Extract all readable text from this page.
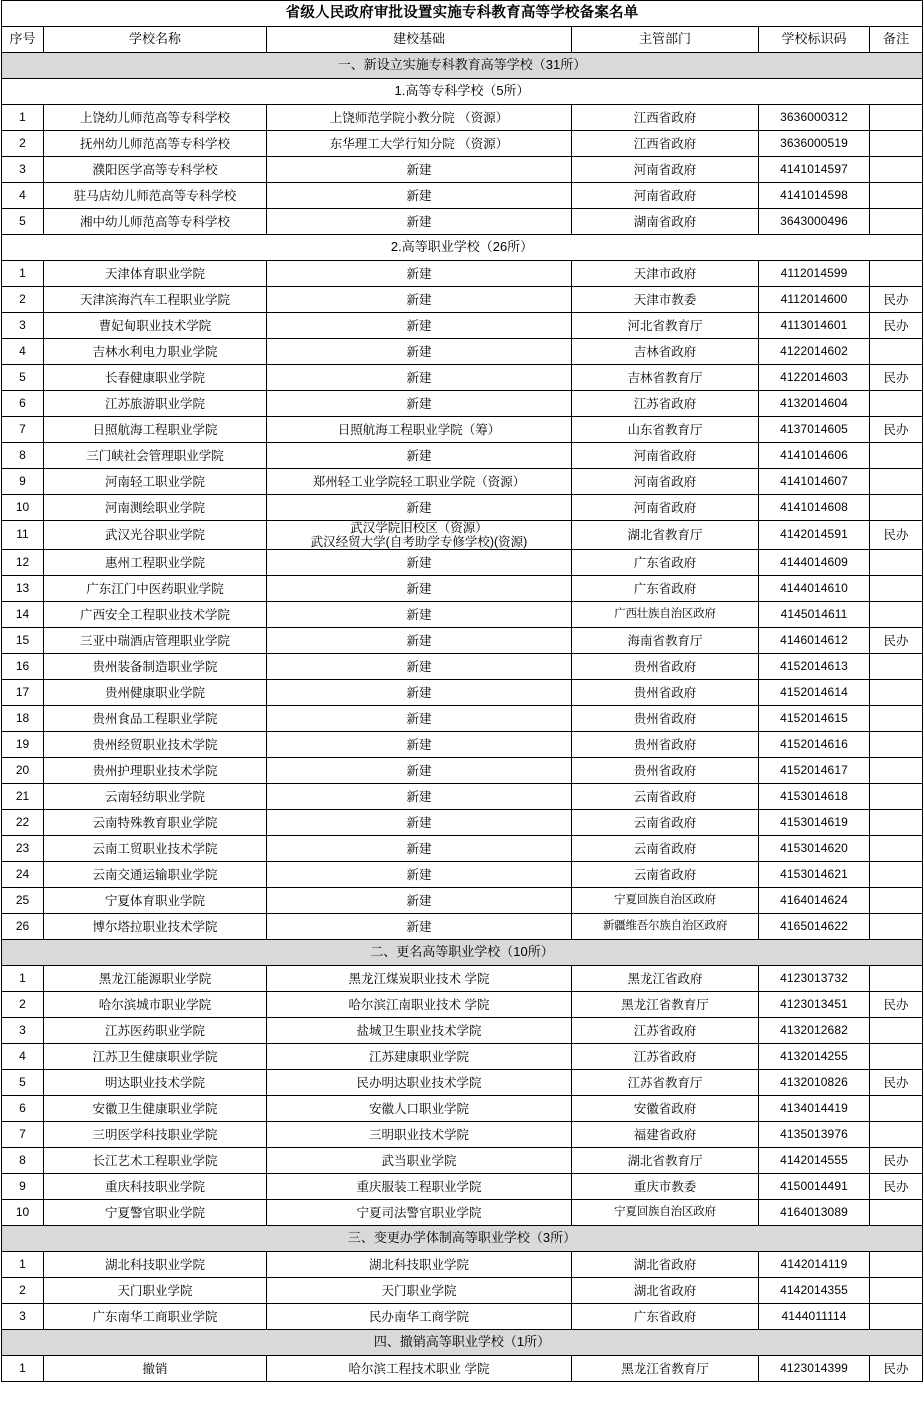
省级人民政府审批设置实施专科教育高等学校备案名单					
序号	学校名称	建校基础	主管部门	学校标识码	备注
一、新设立实施专科教育高等学校（31所）					
1.高等专科学校（5所）					
1	上饶幼儿师范高等专科学校	上饶师范学院小教分院 （资源）	江西省政府	3636000312	
2	抚州幼儿师范高等专科学校	东华理工大学行知分院 （资源）	江西省政府	3636000519	
3	濮阳医学高等专科学校	新建	河南省政府	4141014597	
4	驻马店幼儿师范高等专科学校	新建	河南省政府	4141014598	
5	湘中幼儿师范高等专科学校	新建	湖南省政府	3643000496	
2.高等职业学校（26所）					
1	天津体育职业学院	新建	天津市政府	4112014599	
2	天津滨海汽车工程职业学院	新建	天津市教委	4112014600	民办
3	曹妃甸职业技术学院	新建	河北省教育厅	4113014601	民办
4	吉林水利电力职业学院	新建	吉林省政府	4122014602	
5	长春健康职业学院	新建	吉林省教育厅	4122014603	民办
6	江苏旅游职业学院	新建	江苏省政府	4132014604	
7	日照航海工程职业学院	日照航海工程职业学院（筹）	山东省教育厅	4137014605	民办
8	三门峡社会管理职业学院	新建	河南省政府	4141014606	
9	河南轻工职业学院	郑州轻工业学院轻工职业学院（资源）	河南省政府	4141014607	
10	河南测绘职业学院	新建	河南省政府	4141014608	
11	武汉光谷职业学院	武汉学院旧校区（资源）
武汉经贸大学(自考助学专修学校)(资源)	湖北省教育厅	4142014591	民办
12	惠州工程职业学院	新建	广东省政府	4144014609	
13	广东江门中医药职业学院	新建	广东省政府	4144014610	
14	广西安全工程职业技术学院	新建	广西壮族自治区政府	4145014611	
15	三亚中瑞酒店管理职业学院	新建	海南省教育厅	4146014612	民办
16	贵州装备制造职业学院	新建	贵州省政府	4152014613	
17	贵州健康职业学院	新建	贵州省政府	4152014614	
18	贵州食品工程职业学院	新建	贵州省政府	4152014615	
19	贵州经贸职业技术学院	新建	贵州省政府	4152014616	
20	贵州护理职业技术学院	新建	贵州省政府	4152014617	
21	云南轻纺职业学院	新建	云南省政府	4153014618	
22	云南特殊教育职业学院	新建	云南省政府	4153014619	
23	云南工贸职业技术学院	新建	云南省政府	4153014620	
24	云南交通运输职业学院	新建	云南省政府	4153014621	
25	宁夏体育职业学院	新建	宁夏回族自治区政府	4164014624	
26	博尔塔拉职业技术学院	新建	新疆维吾尔族自治区政府	4165014622	
二、更名高等职业学校（10所）					
1	黑龙江能源职业学院	黑龙江煤炭职业技术 学院	黑龙江省政府	4123013732	
2	哈尔滨城市职业学院	哈尔滨江南职业技术 学院	黑龙江省教育厅	4123013451	民办
3	江苏医药职业学院	盐城卫生职业技术学院	江苏省政府	4132012682	
4	江苏卫生健康职业学院	江苏建康职业学院	江苏省政府	4132014255	
5	明达职业技术学院	民办明达职业技术学院	江苏省教育厅	4132010826	民办
6	安徽卫生健康职业学院	安徽人口职业学院	安徽省政府	4134014419	
7	三明医学科技职业学院	三明职业技术学院	福建省政府	4135013976	
8	长江艺术工程职业学院	武当职业学院	湖北省教育厅	4142014555	民办
9	重庆科技职业学院	重庆服装工程职业学院	重庆市教委	4150014491	民办
10	宁夏警官职业学院	宁夏司法警官职业学院	宁夏回族自治区政府	4164013089	
三、变更办学体制高等职业学校（3所）					
1	湖北科技职业学院	湖北科技职业学院	湖北省政府	4142014119	
2	天门职业学院	天门职业学院	湖北省政府	4142014355	
3	广东南华工商职业学院	民办南华工商学院	广东省政府	4144011114	
四、撤销高等职业学校（1所）					
1	撤销	哈尔滨工程技术职业 学院	黑龙江省教育厅	4123014399	民办
